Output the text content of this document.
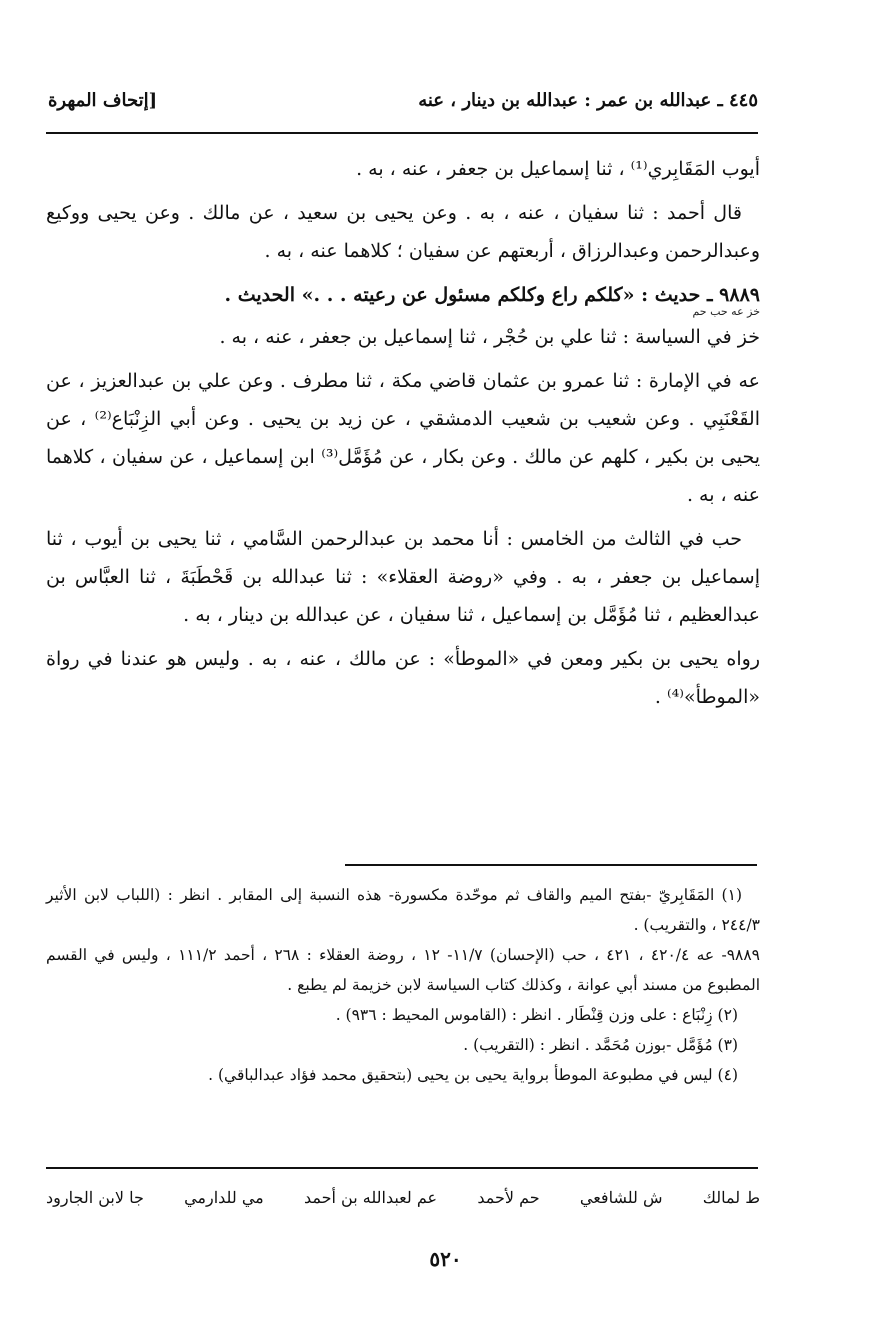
٤٤٥ ـ عبدالله بن عمر : عبدالله بن دينار ، عنه
[إتحاف المهرة

أيوب المَقَابِري⁽¹⁾ ، ثنا إسماعيل بن جعفر ، عنه ، به .

قال أحمد : ثنا سفيان ، عنه ، به . وعن يحيى بن سعيد ، عن مالك . وعن يحيى ووكيع وعبدالرحمن وعبدالرزاق ، أربعتهم عن سفيان ؛ كلاهما عنه ، به .

٩٨٨٩ ـ حديث : «كلكم راع وكلكم مسئول عن رعيته . . .» الحديث .

خز عه حب حم

خز في السياسة : ثنا علي بن حُجْر ، ثنا إسماعيل بن جعفر ، عنه ، به .

عه في الإمارة : ثنا عمرو بن عثمان قاضي مكة ، ثنا مطرف . وعن علي بن عبدالعزيز ، عن القَعْنَبِي . وعن شعيب بن شعيب الدمشقي ، عن زيد بن يحيى . وعن أبي الزِنْبَاع⁽²⁾ ، عن يحيى بن بكير ، كلهم عن مالك . وعن بكار ، عن مُؤَمَّل⁽³⁾ ابن إسماعيل ، عن سفيان ، كلاهما عنه ، به .

حب في الثالث من الخامس : أنا محمد بن عبدالرحمن السَّامي ، ثنا يحيى بن أيوب ، ثنا إسماعيل بن جعفر ، به . وفي «روضة العقلاء» : ثنا عبدالله بن قَحْطَبَةَ ، ثنا العبَّاس بن عبدالعظيم ، ثنا مُؤَمَّل بن إسماعيل ، ثنا سفيان ، عن عبدالله بن دينار ، به .

رواه يحيى بن بكير ومعن في «الموطأ» : عن مالك ، عنه ، به . وليس هو عندنا في رواة «الموطأ»⁽⁴⁾ .

(١) المَقَابِريّ -بفتح الميم والقاف ثم موحّدة مكسورة- هذه النسبة إلى المقابر . انظر : (اللباب لابن الأثير ٢٤٤/٣ ، والتقريب) .

٩٨٨٩- عه ٤٢٠/٤ ، ٤٢١ ، حب (الإحسان) ١١/٧- ١٢ ، روضة العقلاء : ٢٦٨ ، أحمد ١١١/٢ ، وليس في القسم المطبوع من مسند أبي عوانة ، وكذلك كتاب السياسة لابن خزيمة لم يطبع .

(٢) زِنْبَاع : على وزن قِنْطَار . انظر : (القاموس المحيط : ٩٣٦) .

(٣) مُؤَمَّل -بوزن مُحَمَّد . انظر : (التقريب) .

(٤) ليس في مطبوعة الموطأ برواية يحيى بن يحيى (بتحقيق محمد فؤاد عبدالباقي) .

ط لمالك
ش للشافعي
حم لأحمد
عم لعبدالله بن أحمد
مي للدارمي
جا لابن الجارود
٥٢٠
